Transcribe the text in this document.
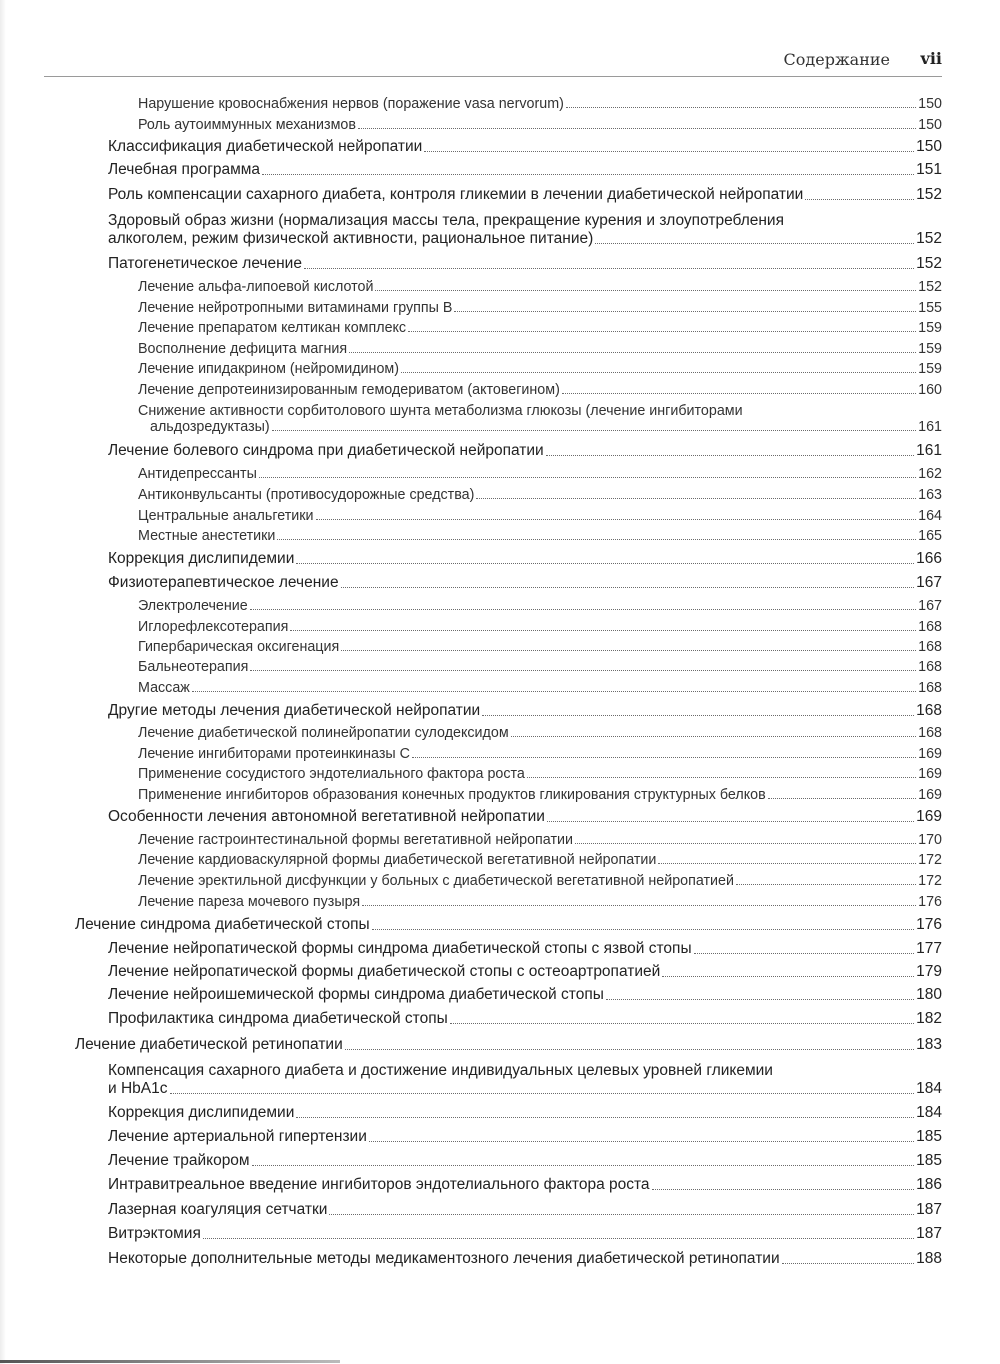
Содержание vii
Нарушение кровоснабжения нервов (поражение vasa nervorum)	150
Роль аутоиммунных механизмов	150
Классификация диабетической нейропатии	150
Лечебная программа	151
Роль компенсации сахарного диабета, контроля гликемии в лечении диабетической нейропатии	152
Здоровый образ жизни (нормализация массы тела, прекращение курения и злоупотребления
алкоголем, режим физической активности, рациональное питание)	152
Патогенетическое лечение	152
Лечение альфа-липоевой кислотой	152
Лечение нейротропными витаминами группы В	155
Лечение препаратом келтикан комплекс	159
Восполнение дефицита магния	159
Лечение ипидакрином (нейромидином)	159
Лечение депротеинизированным гемодериватом (актовегином)	160
Снижение активности сорбитолового шунта метаболизма глюкозы (лечение ингибиторами
альдозредуктазы)	161
Лечение болевого синдрома при диабетической нейропатии	161
Антидепрессанты	162
Антиконвульсанты (противосудорожные средства)	163
Центральные анальгетики	164
Местные анестетики	165
Коррекция дислипидемии	166
Физиотерапевтическое лечение	167
Электролечение	167
Иглорефлексотерапия	168
Гипербарическая оксигенация	168
Бальнеотерапия	168
Массаж	168
Другие методы лечения диабетической нейропатии	168
Лечение диабетической полинейропатии сулодексидом	168
Лечение ингибиторами протеинкиназы С	169
Применение сосудистого эндотелиального фактора роста	169
Применение ингибиторов образования конечных продуктов гликирования структурных белков	169
Особенности лечения автономной вегетативной нейропатии	169
Лечение гастроинтестинальной формы вегетативной нейропатии	170
Лечение кардиоваскулярной формы диабетической вегетативной нейропатии	172
Лечение эректильной дисфункции у больных с диабетической вегетативной нейропатией	172
Лечение пареза мочевого пузыря	176
Лечение синдрома диабетической стопы	176
Лечение нейропатической формы синдрома диабетической стопы с язвой стопы	177
Лечение нейропатической формы диабетической стопы с остеоартропатией	179
Лечение нейроишемической формы синдрома диабетической стопы	180
Профилактика синдрома диабетической стопы	182
Лечение диабетической ретинопатии	183
Компенсация сахарного диабета и достижение индивидуальных целевых уровней гликемии
и HbA1c	184
Коррекция дислипидемии	184
Лечение артериальной гипертензии	185
Лечение трайкором	185
Интравитреальное введение ингибиторов эндотелиального фактора роста	186
Лазерная коагуляция сетчатки	187
Витрэктомия	187
Некоторые дополнительные методы медикаментозного лечения диабетической ретинопатии	188
